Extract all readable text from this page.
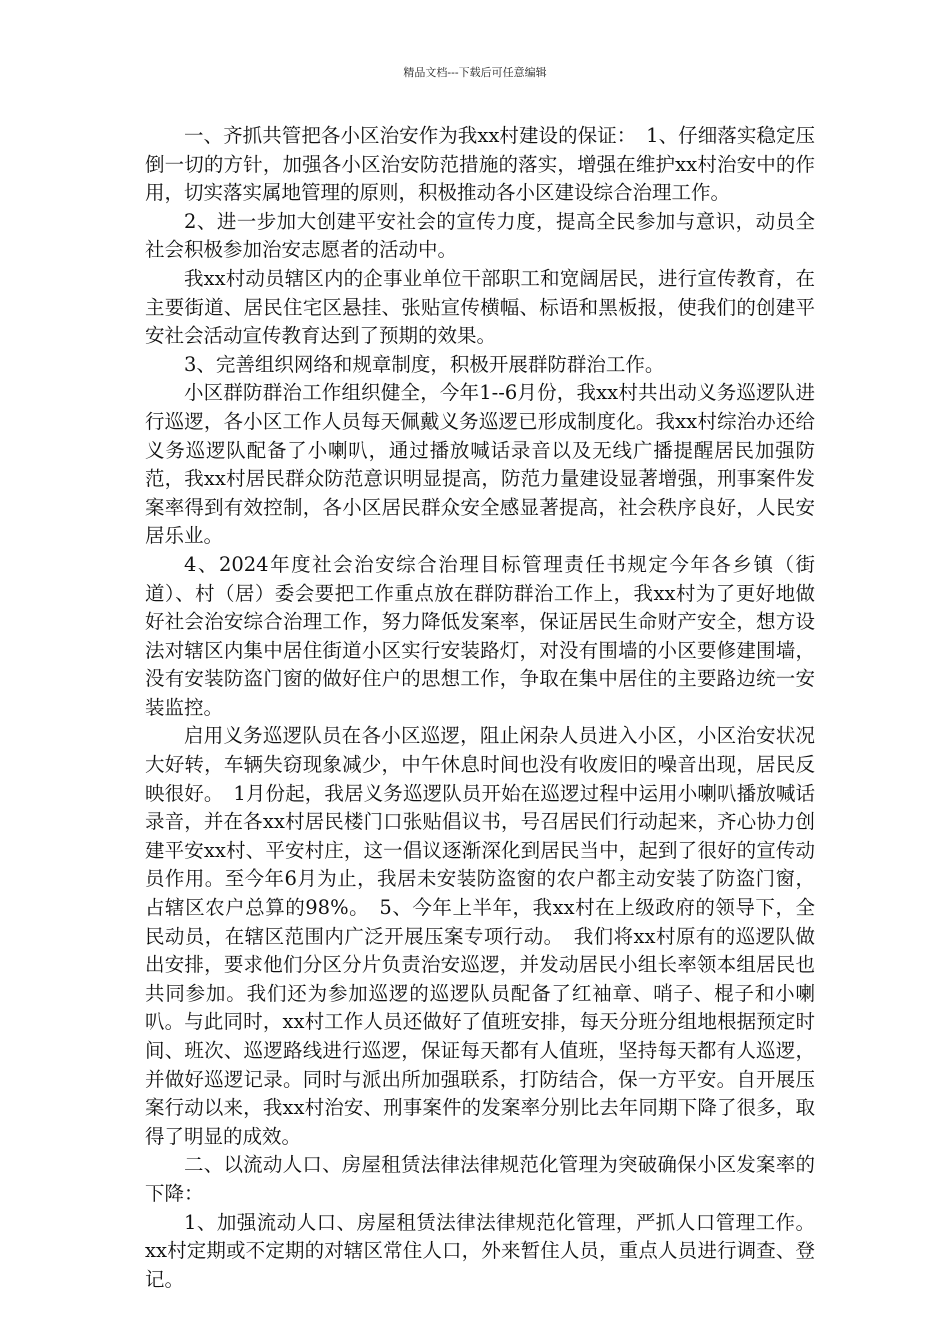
精品文档---下载后可任意编辑

一、齐抓共管把各小区治安作为我xx村建设的保证：　1、仔细落实稳定压倒一切的方针，加强各小区治安防范措施的落实，增强在维护xx村治安中的作用，切实落实属地管理的原则，积极推动各小区建设综合治理工作。

2、进一步加大创建平安社会的宣传力度，提高全民参加与意识，动员全社会积极参加治安志愿者的活动中。

我xx村动员辖区内的企事业单位干部职工和宽阔居民，进行宣传教育，在主要街道、居民住宅区悬挂、张贴宣传横幅、标语和黑板报，使我们的创建平安社会活动宣传教育达到了预期的效果。

3、完善组织网络和规章制度，积极开展群防群治工作。

小区群防群治工作组织健全，今年1--6月份，我xx村共出动义务巡逻队进行巡逻，各小区工作人员每天佩戴义务巡逻已形成制度化。我xx村综治办还给义务巡逻队配备了小喇叭，通过播放喊话录音以及无线广播提醒居民加强防范，我xx村居民群众防范意识明显提高，防范力量建设显著增强，刑事案件发案率得到有效控制，各小区居民群众安全感显著提高，社会秩序良好，人民安居乐业。

4、2024年度社会治安综合治理目标管理责任书规定今年各乡镇（街道）、村（居）委会要把工作重点放在群防群治工作上，我xx村为了更好地做好社会治安综合治理工作，努力降低发案率，保证居民生命财产安全，想方设法对辖区内集中居住街道小区实行安装路灯，对没有围墙的小区要修建围墙，没有安装防盗门窗的做好住户的思想工作，争取在集中居住的主要路边统一安装监控。

启用义务巡逻队员在各小区巡逻，阻止闲杂人员进入小区，小区治安状况大好转，车辆失窃现象减少，中午休息时间也没有收废旧的噪音出现，居民反映很好。　1月份起，我居义务巡逻队员开始在巡逻过程中运用小喇叭播放喊话录音，并在各xx村居民楼门口张贴倡议书，号召居民们行动起来，齐心协力创建平安xx村、平安村庄，这一倡议逐渐深化到居民当中，起到了很好的宣传动员作用。至今年6月为止，我居未安装防盗窗的农户都主动安装了防盗门窗，占辖区农户总算的98%。　5、今年上半年，我xx村在上级政府的领导下，全民动员，在辖区范围内广泛开展压案专项行动。　我们将xx村原有的巡逻队做出安排，要求他们分区分片负责治安巡逻，并发动居民小组长率领本组居民也共同参加。我们还为参加巡逻的巡逻队员配备了红袖章、哨子、棍子和小喇叭。与此同时，xx村工作人员还做好了值班安排，每天分班分组地根据预定时间、班次、巡逻路线进行巡逻，保证每天都有人值班，坚持每天都有人巡逻，并做好巡逻记录。同时与派出所加强联系，打防结合，保一方平安。自开展压案行动以来，我xx村治安、刑事案件的发案率分别比去年同期下降了很多，取得了明显的成效。

二、以流动人口、房屋租赁法律法律规范化管理为突破确保小区发案率的下降：

1、加强流动人口、房屋租赁法律法律规范化管理，严抓人口管理工作。xx村定期或不定期的对辖区常住人口，外来暂住人员，重点人员进行调查、登记。
